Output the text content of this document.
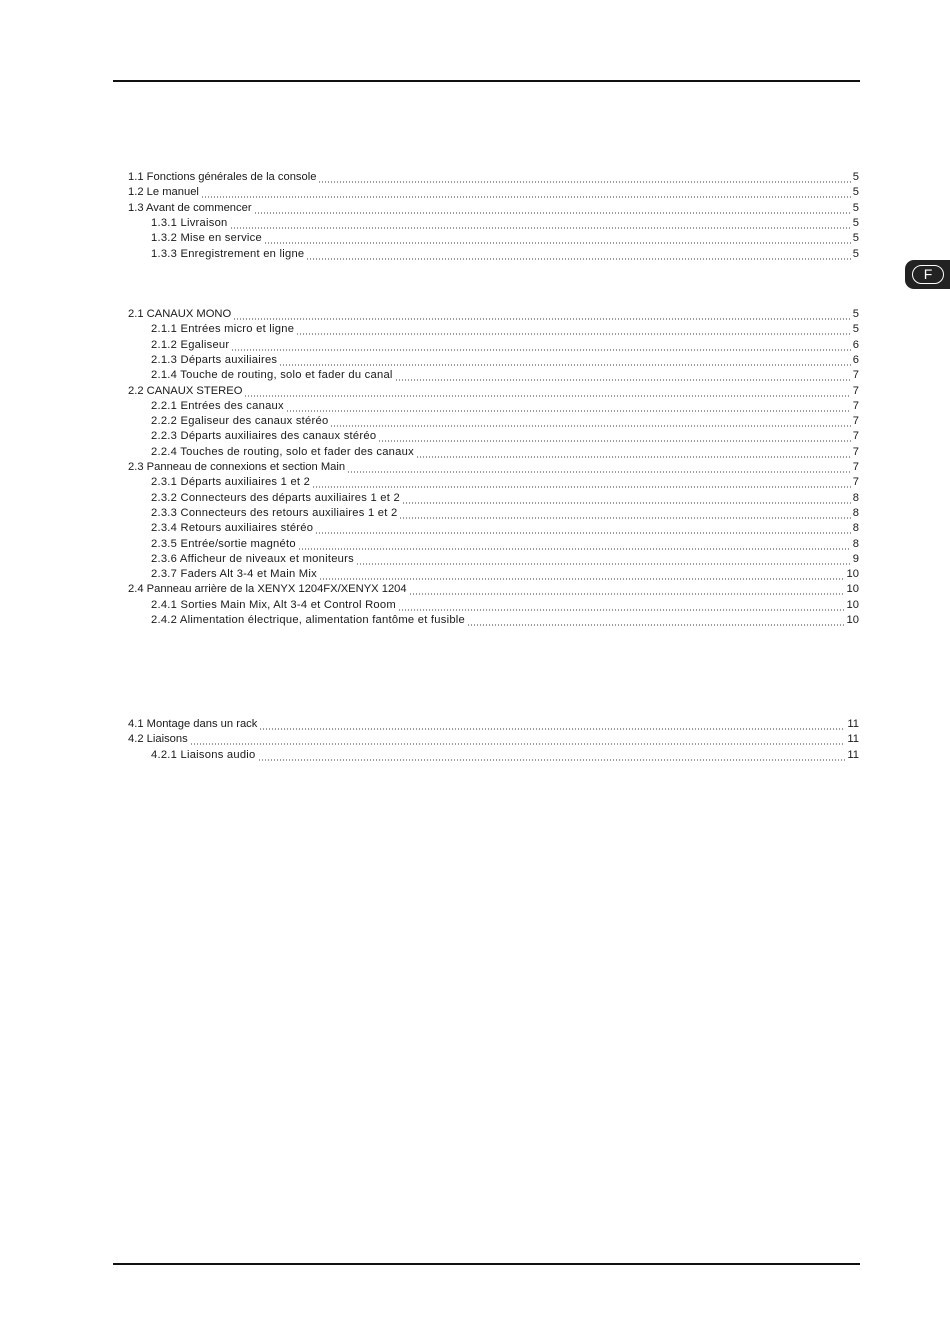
F
1.1 Fonctions générales de la console	5
1.2 Le manuel	5
1.3 Avant de commencer	5
1.3.1 Livraison	5
1.3.2 Mise en service	5
1.3.3 Enregistrement en ligne	5
2.1 CANAUX MONO	5
2.1.1 Entrées micro et ligne	5
2.1.2 Egaliseur	6
2.1.3 Départs auxiliaires	6
2.1.4 Touche de routing, solo et fader du canal	7
2.2 CANAUX STEREO	7
2.2.1 Entrées des canaux	7
2.2.2 Egaliseur des canaux stéréo	7
2.2.3 Départs auxiliaires des canaux stéréo	7
2.2.4 Touches de routing, solo et fader des canaux	7
2.3 Panneau de connexions et section Main	7
2.3.1 Départs auxiliaires 1 et 2	7
2.3.2 Connecteurs des départs auxiliaires 1 et 2	8
2.3.3 Connecteurs des retours auxiliaires 1 et 2	8
2.3.4 Retours auxiliaires stéréo	8
2.3.5 Entrée/sortie magnéto	8
2.3.6 Afficheur de niveaux et moniteurs	9
2.3.7 Faders Alt 3-4 et Main Mix	10
2.4 Panneau arrière de la XENYX 1204FX/XENYX 1204	10
2.4.1 Sorties Main Mix, Alt 3-4 et Control Room	10
2.4.2 Alimentation électrique, alimentation fantôme et fusible	10
4.1 Montage dans un rack	11
4.2 Liaisons	11
4.2.1 Liaisons audio	11
